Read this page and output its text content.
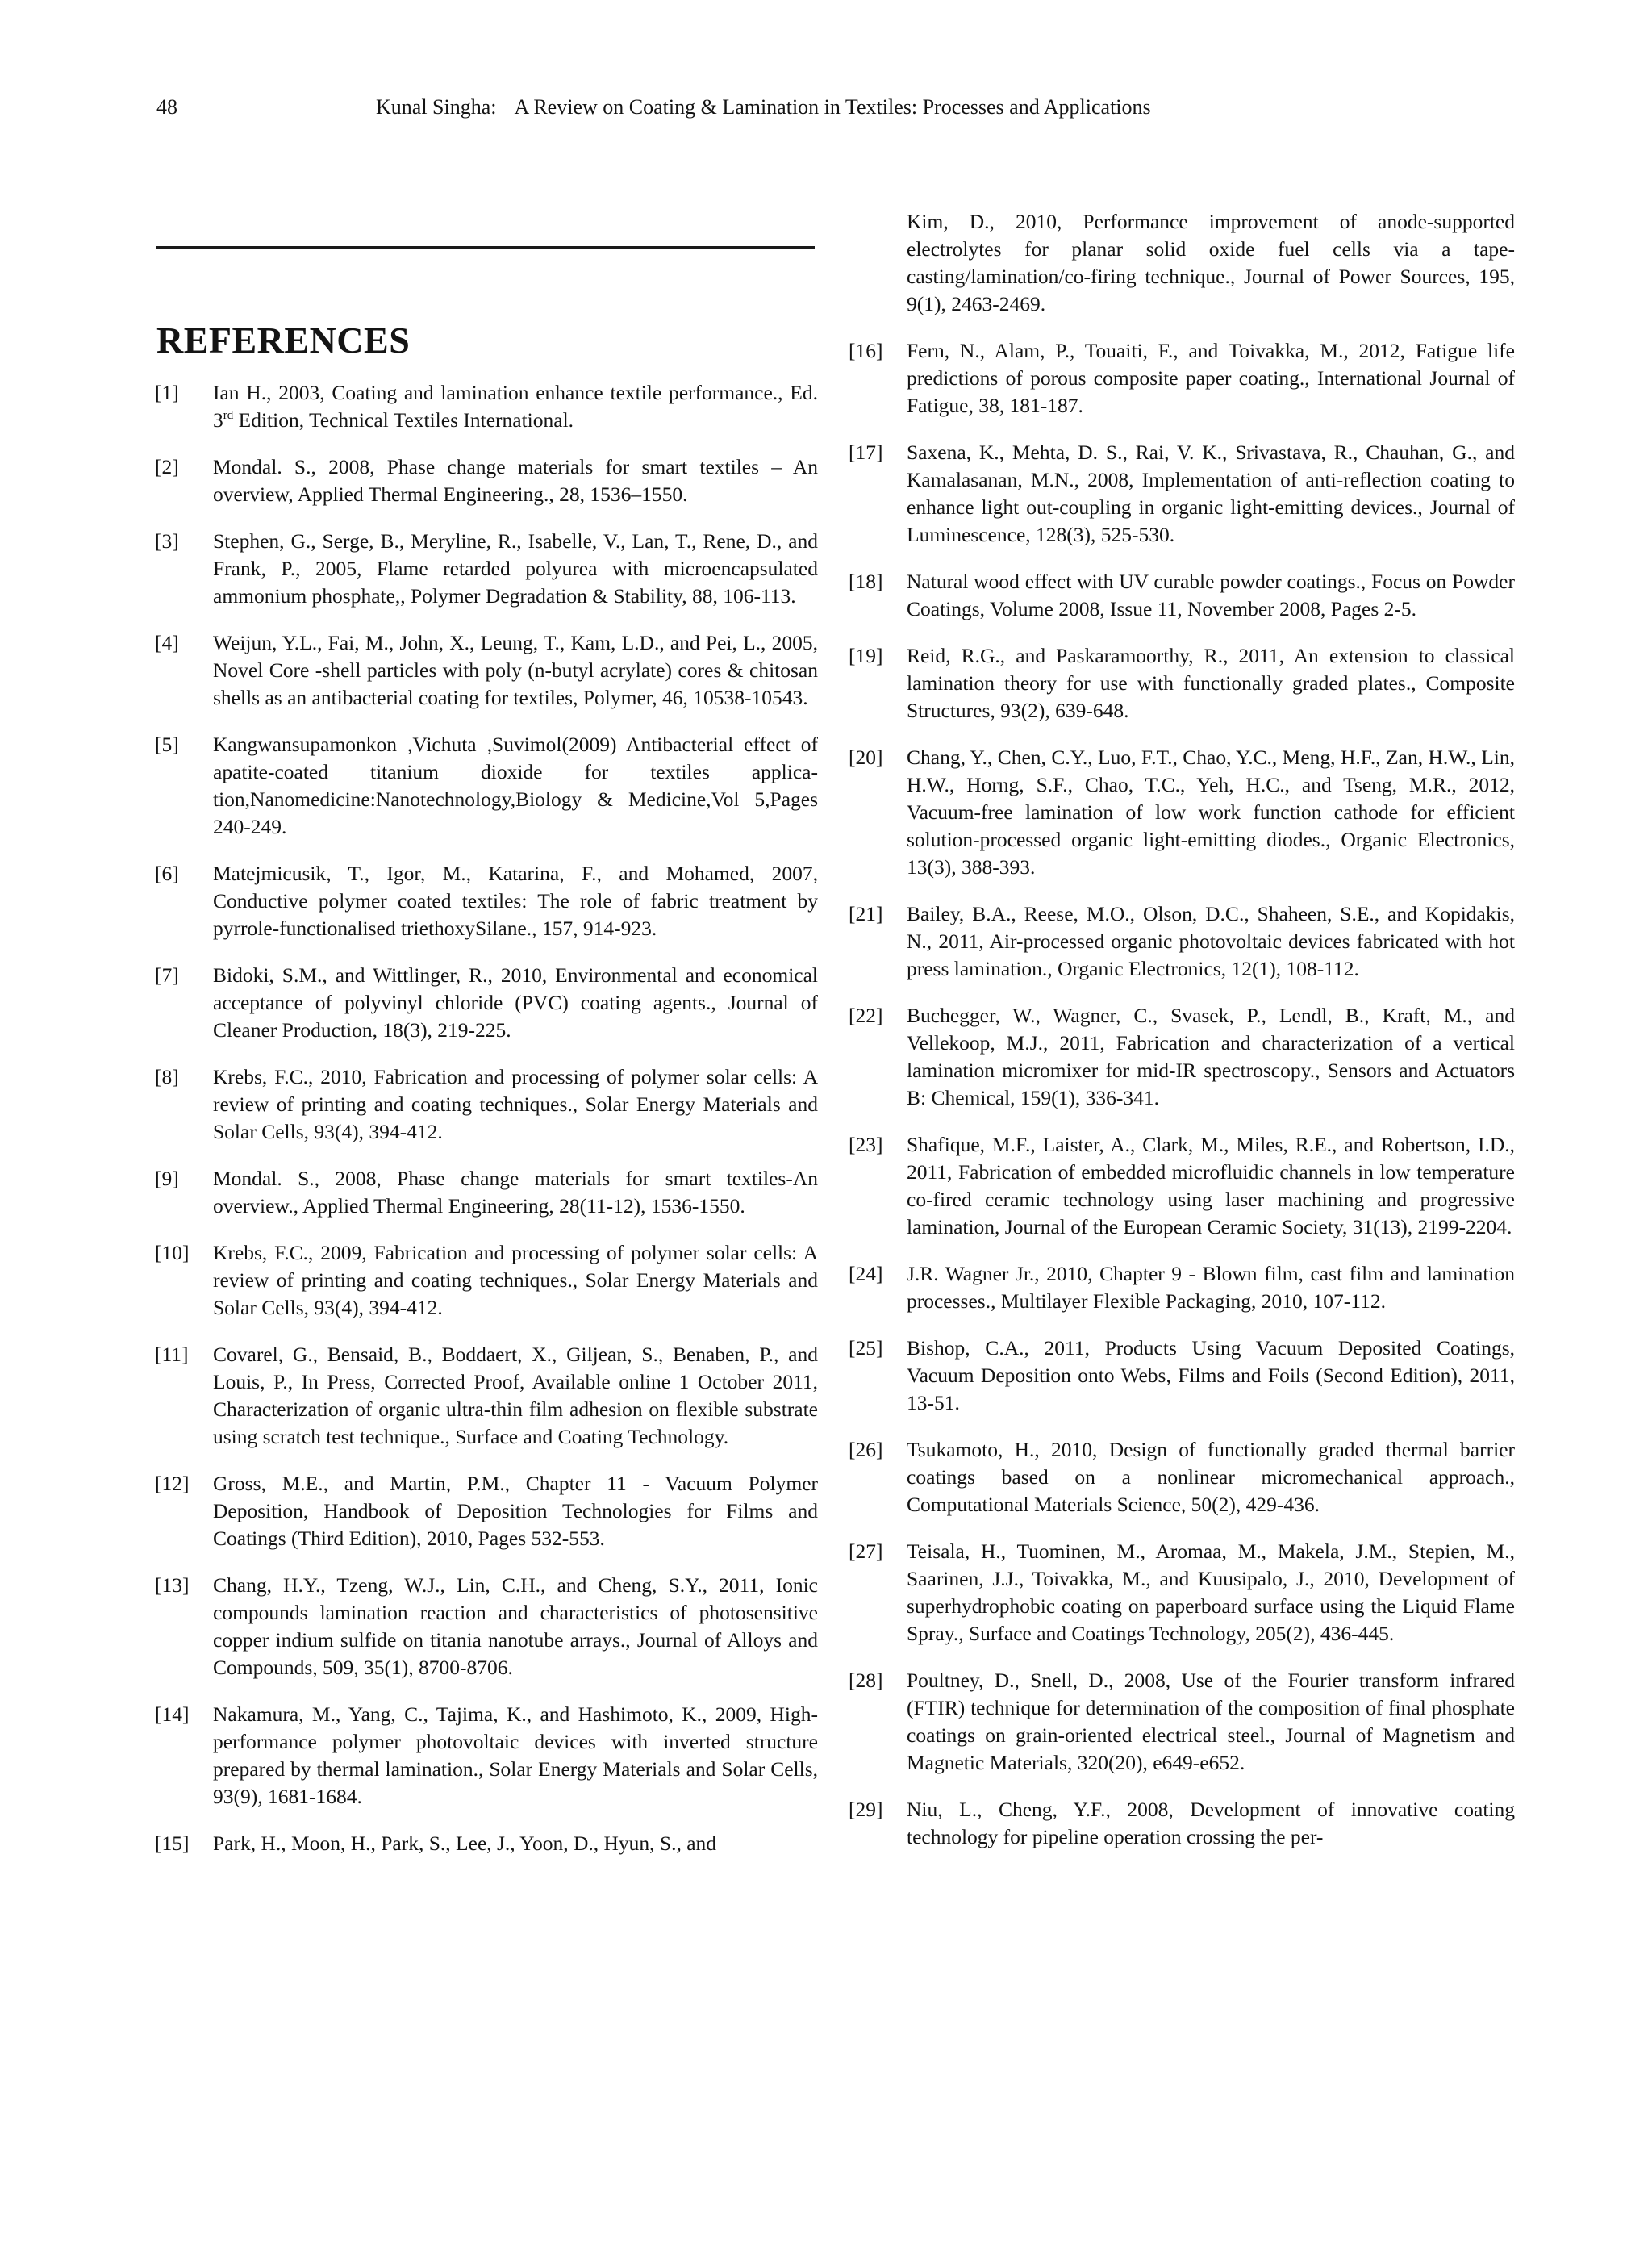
48	Kunal Singha: A Review on Coating & Lamination in Textiles: Processes and Applications
REFERENCES
[1] Ian H., 2003, Coating and lamination enhance textile performance., Ed. 3rd Edition, Technical Textiles International.
[2] Mondal. S., 2008, Phase change materials for smart textiles – An overview, Applied Thermal Engineering., 28, 1536–1550.
[3] Stephen, G., Serge, B., Meryline, R., Isabelle, V., Lan, T., Rene, D., and Frank, P., 2005, Flame retarded polyurea with microencapsulated ammonium phosphate,, Polymer Degradation & Stability, 88, 106-113.
[4] Weijun, Y.L., Fai, M., John, X., Leung, T., Kam, L.D., and Pei, L., 2005, Novel Core -shell particles with poly (n-butyl acrylate) cores & chitosan shells as an antibacterial coating for textiles, Polymer, 46, 10538-10543.
[5] Kangwansupamonkon ,Vichuta ,Suvimol(2009) Antibacterial effect of apatite-coated titanium dioxide for textiles application,Nanomedicine:Nanotechnology,Biology & Medicine,Vol 5,Pages 240-249.
[6] Matejmicusik, T., Igor, M., Katarina, F., and Mohamed, 2007, Conductive polymer coated textiles: The role of fabric treatment by pyrrole-functionalised triethoxySilane., 157, 914-923.
[7] Bidoki, S.M., and Wittlinger, R., 2010, Environmental and economical acceptance of polyvinyl chloride (PVC) coating agents., Journal of Cleaner Production, 18(3), 219-225.
[8] Krebs, F.C., 2010, Fabrication and processing of polymer solar cells: A review of printing and coating techniques., Solar Energy Materials and Solar Cells, 93(4), 394-412.
[9] Mondal. S., 2008, Phase change materials for smart textiles-An overview., Applied Thermal Engineering, 28(11-12), 1536-1550.
[10] Krebs, F.C., 2009, Fabrication and processing of polymer solar cells: A review of printing and coating techniques., Solar Energy Materials and Solar Cells, 93(4), 394-412.
[11] Covarel, G., Bensaid, B., Boddaert, X., Giljean, S., Benaben, P., and Louis, P., In Press, Corrected Proof, Available online 1 October 2011, Characterization of organic ultra-thin film adhesion on flexible substrate using scratch test technique., Surface and Coating Technology.
[12] Gross, M.E., and Martin, P.M., Chapter 11 - Vacuum Polymer Deposition, Handbook of Deposition Technologies for Films and Coatings (Third Edition), 2010, Pages 532-553.
[13] Chang, H.Y., Tzeng, W.J., Lin, C.H., and Cheng, S.Y., 2011, Ionic compounds lamination reaction and characteristics of photosensitive copper indium sulfide on titania nanotube arrays., Journal of Alloys and Compounds, 509, 35(1), 8700-8706.
[14] Nakamura, M., Yang, C., Tajima, K., and Hashimoto, K., 2009, High-performance polymer photovoltaic devices with inverted structure prepared by thermal lamination., Solar Energy Materials and Solar Cells, 93(9), 1681-1684.
[15] Park, H., Moon, H., Park, S., Lee, J., Yoon, D., Hyun, S., and
Kim, D., 2010, Performance improvement of anode-supported electrolytes for planar solid oxide fuel cells via a tape-casting/lamination/co-firing technique., Journal of Power Sources, 195, 9(1), 2463-2469.
[16] Fern, N., Alam, P., Touaiti, F., and Toivakka, M., 2012, Fatigue life predictions of porous composite paper coating., International Journal of Fatigue, 38, 181-187.
[17] Saxena, K., Mehta, D. S., Rai, V. K., Srivastava, R., Chauhan, G., and Kamalasanan, M.N., 2008, Implementation of anti-reflection coating to enhance light out-coupling in organic light-emitting devices., Journal of Luminescence, 128(3), 525-530.
[18] Natural wood effect with UV curable powder coatings., Focus on Powder Coatings, Volume 2008, Issue 11, November 2008, Pages 2-5.
[19] Reid, R.G., and Paskaramoorthy, R., 2011, An extension to classical lamination theory for use with functionally graded plates., Composite Structures, 93(2), 639-648.
[20] Chang, Y., Chen, C.Y., Luo, F.T., Chao, Y.C., Meng, H.F., Zan, H.W., Lin, H.W., Horng, S.F., Chao, T.C., Yeh, H.C., and Tseng, M.R., 2012, Vacuum-free lamination of low work function cathode for efficient solution-processed organic light-emitting diodes., Organic Electronics, 13(3), 388-393.
[21] Bailey, B.A., Reese, M.O., Olson, D.C., Shaheen, S.E., and Kopidakis, N., 2011, Air-processed organic photovoltaic devices fabricated with hot press lamination., Organic Electronics, 12(1), 108-112.
[22] Buchegger, W., Wagner, C., Svasek, P., Lendl, B., Kraft, M., and Vellekoop, M.J., 2011, Fabrication and characterization of a vertical lamination micromixer for mid-IR spectroscopy., Sensors and Actuators B: Chemical, 159(1), 336-341.
[23] Shafique, M.F., Laister, A., Clark, M., Miles, R.E., and Robertson, I.D., 2011, Fabrication of embedded microfluidic channels in low temperature co-fired ceramic technology using laser machining and progressive lamination, Journal of the European Ceramic Society, 31(13), 2199-2204.
[24] J.R. Wagner Jr., 2010, Chapter 9 - Blown film, cast film and lamination processes., Multilayer Flexible Packaging, 2010, 107-112.
[25] Bishop, C.A., 2011, Products Using Vacuum Deposited Coatings, Vacuum Deposition onto Webs, Films and Foils (Second Edition), 2011, 13-51.
[26] Tsukamoto, H., 2010, Design of functionally graded thermal barrier coatings based on a nonlinear micromechanical approach., Computational Materials Science, 50(2), 429-436.
[27] Teisala, H., Tuominen, M., Aromaa, M., Makela, J.M., Stepien, M., Saarinen, J.J., Toivakka, M., and Kuusipalo, J., 2010, Development of superhydrophobic coating on paperboard surface using the Liquid Flame Spray., Surface and Coatings Technology, 205(2), 436-445.
[28] Poultney, D., Snell, D., 2008, Use of the Fourier transform infrared (FTIR) technique for determination of the composition of final phosphate coatings on grain-oriented electrical steel., Journal of Magnetism and Magnetic Materials, 320(20), e649-e652.
[29] Niu, L., Cheng, Y.F., 2008, Development of innovative coating technology for pipeline operation crossing the per-
